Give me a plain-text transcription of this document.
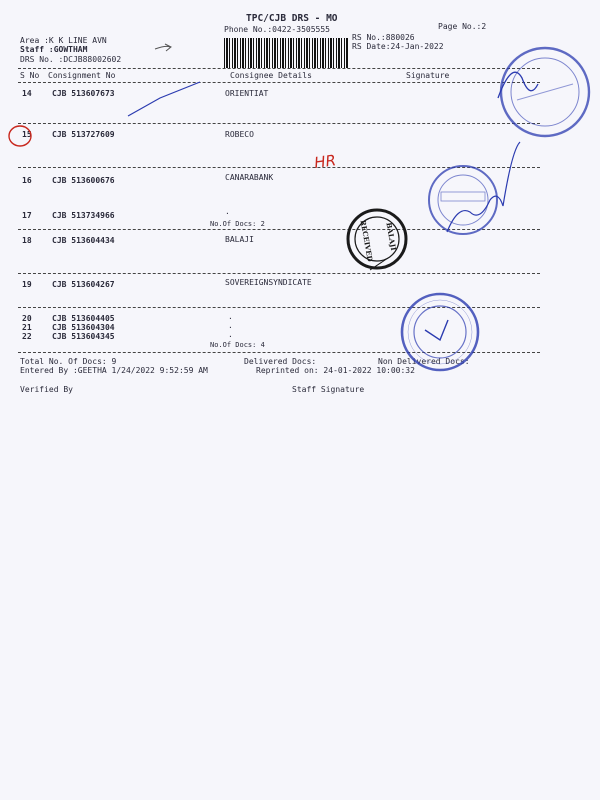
TPC/CJB DRS - MO
Phone No.:0422-3505555	Page No.:2
Area :K K LINE AVN
Staff :GOWTHAM
DRS No. :DCJB88002602
RS No.:880026
RS Date:24-Jan-2022
S No Consignment No	Consignee Details	Signature
14	CJB 513607673	ORIENTIAT
15	CJB 513727609	ROBECO
16	CJB 513600676	CANARABANK
17	CJB 513734966	.
No.Of Docs: 2
18	CJB 513604434	BALAJI
19	CJB 513604267	SOVEREIGNSYNDICATE
20	CJB 513604405	.
21	CJB 513604304	.
22	CJB 513604345	.
No.Of Docs: 4
Total No. Of Docs: 9	Delivered Docs:	Non Delivered Docs:
Entered By :GEETHA 1/24/2022 9:52:59 AM	Reprinted on: 24-01-2022 10:00:32
Verified By	Staff Signature
HR
BALAJI
RECEIVED
